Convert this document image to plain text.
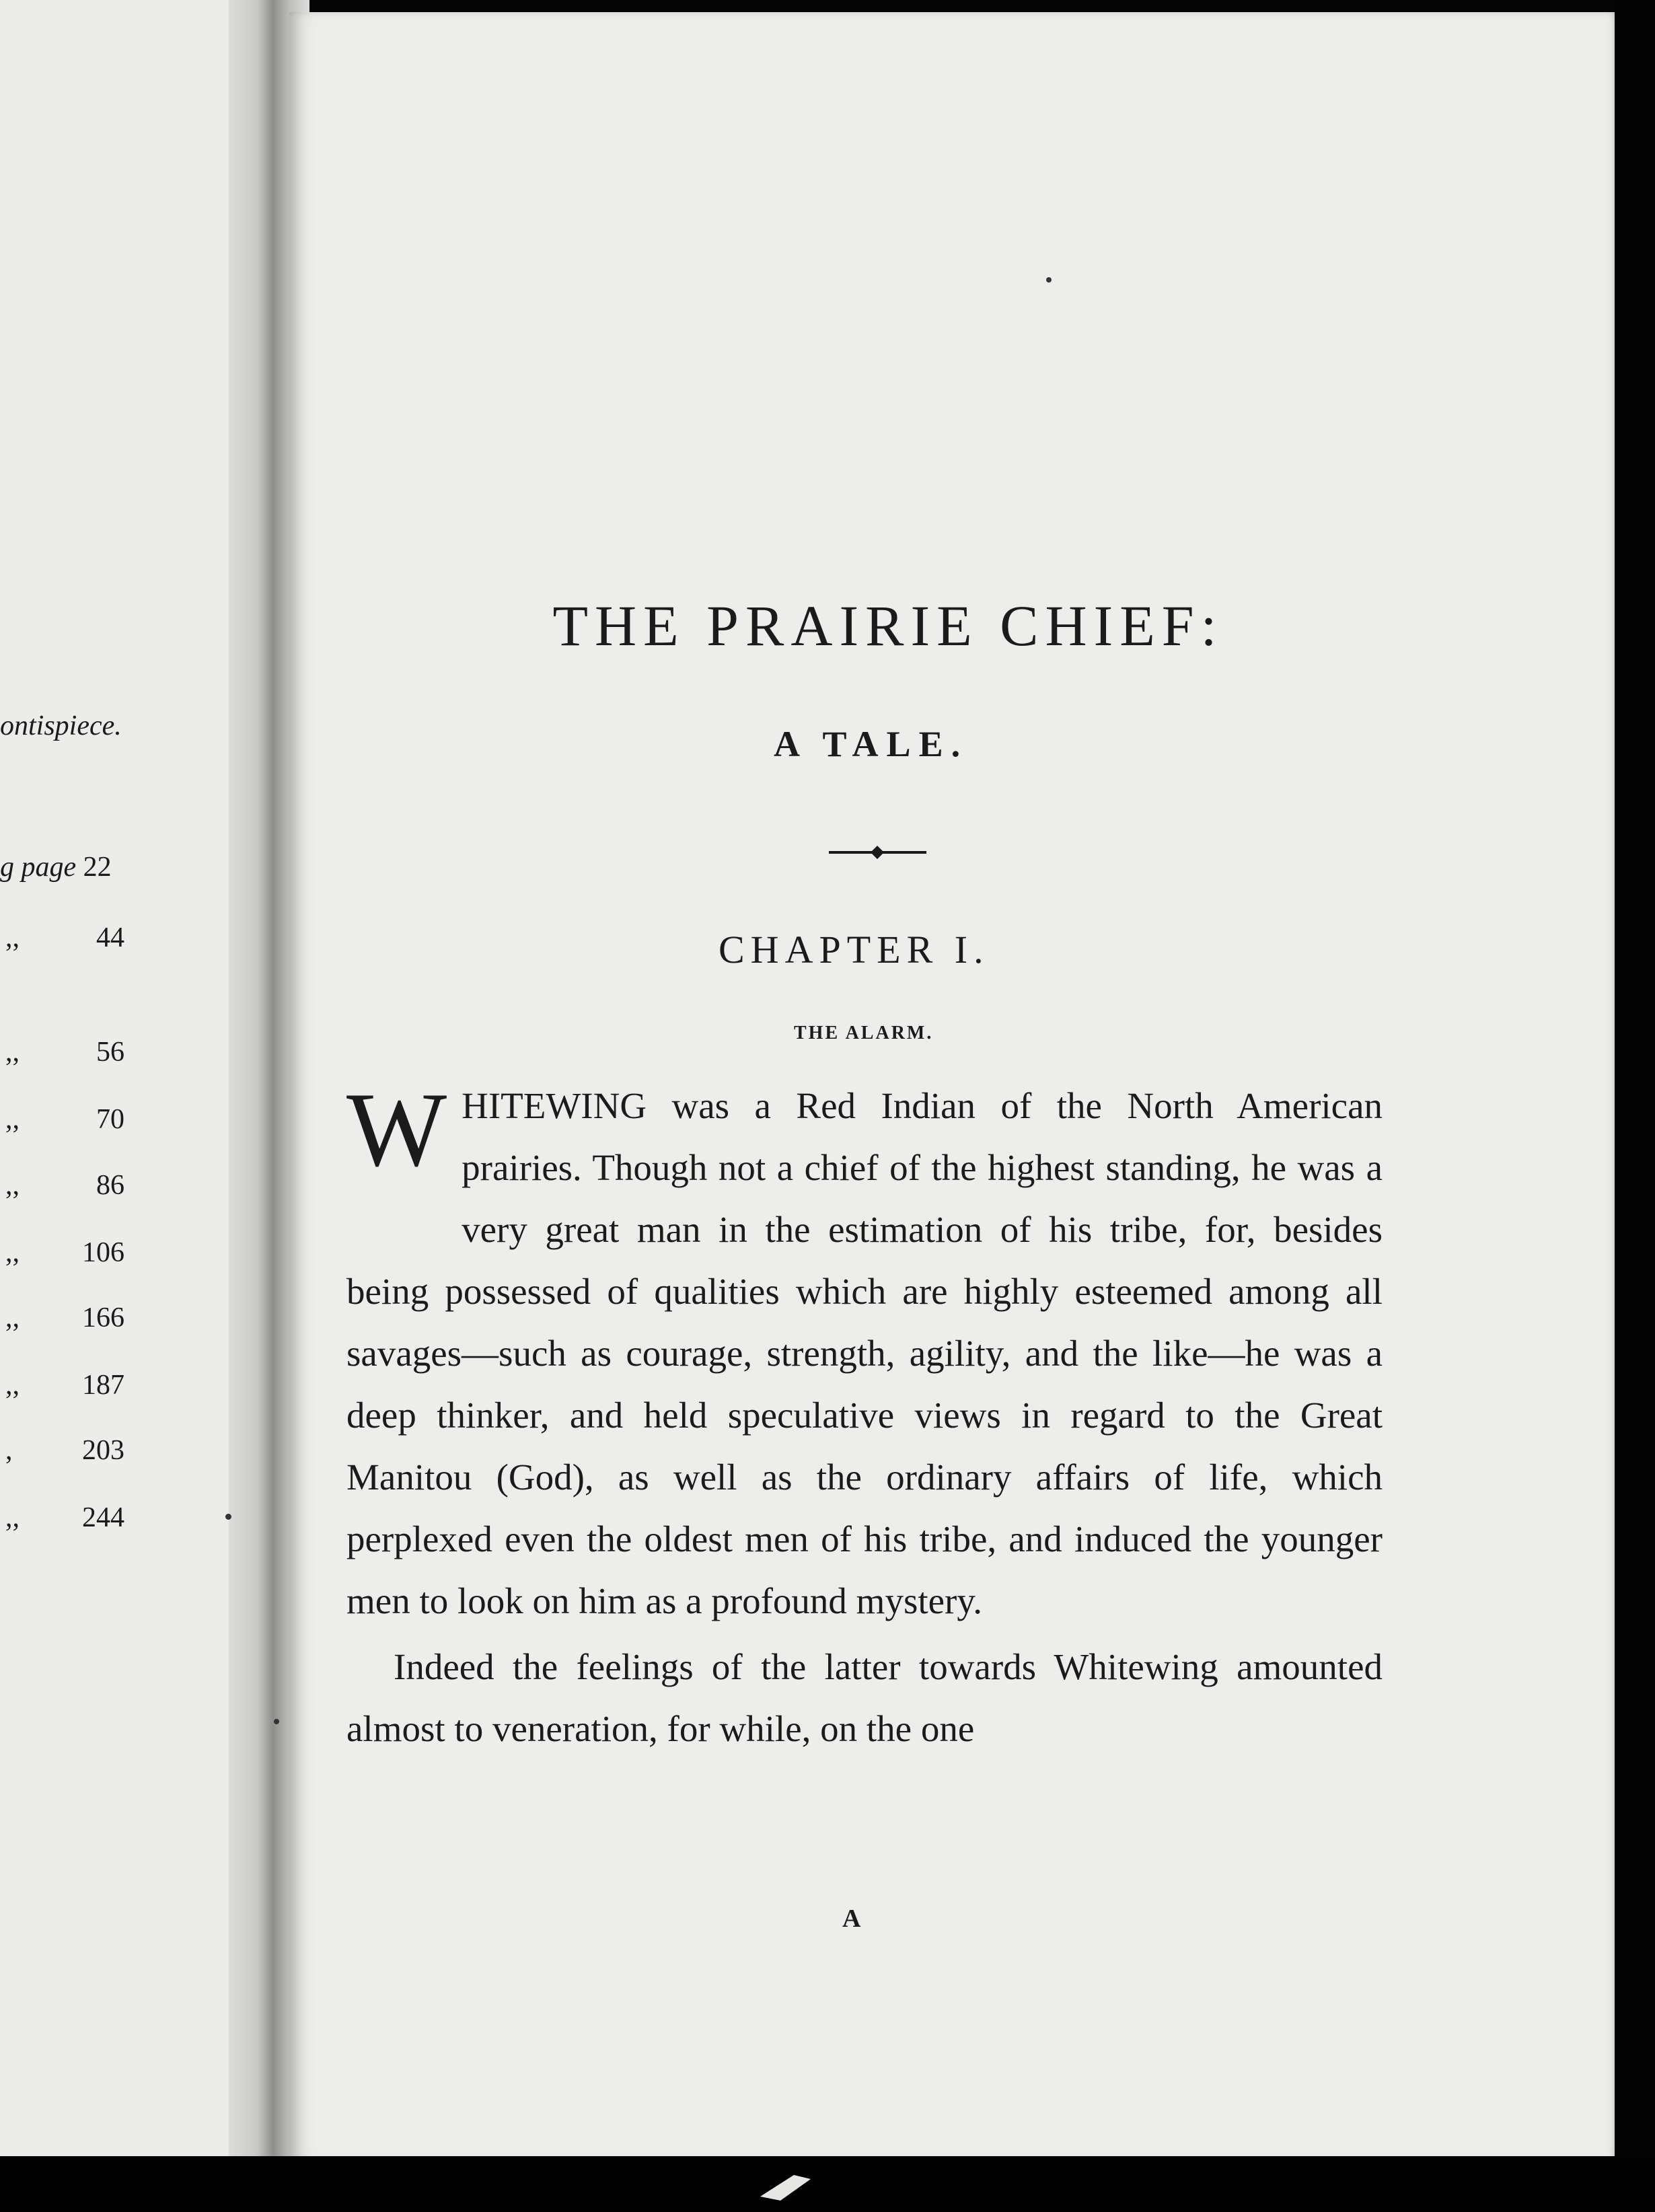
ontispiece.
g page 22
,,	44
,,	56
,,	70
,,	86
,, 106
,, 166
,, 187
, 203
,, 244
THE PRAIRIE CHIEF:
A TALE.
CHAPTER I.
THE ALARM.

WHITEWING was a Red Indian of the North American prairies. Though not a chief of the highest standing, he was a very great man in the estimation of his tribe, for, besides being possessed of qualities which are highly esteemed among all savages—such as courage, strength, agility, and the like—he was a deep thinker, and held speculative views in regard to the Great Manitou (God), as well as the ordinary affairs of life, which perplexed even the oldest men of his tribe, and induced the younger men to look on him as a profound mystery.

Indeed the feelings of the latter towards Whitewing amounted almost to veneration, for while, on the one

A
